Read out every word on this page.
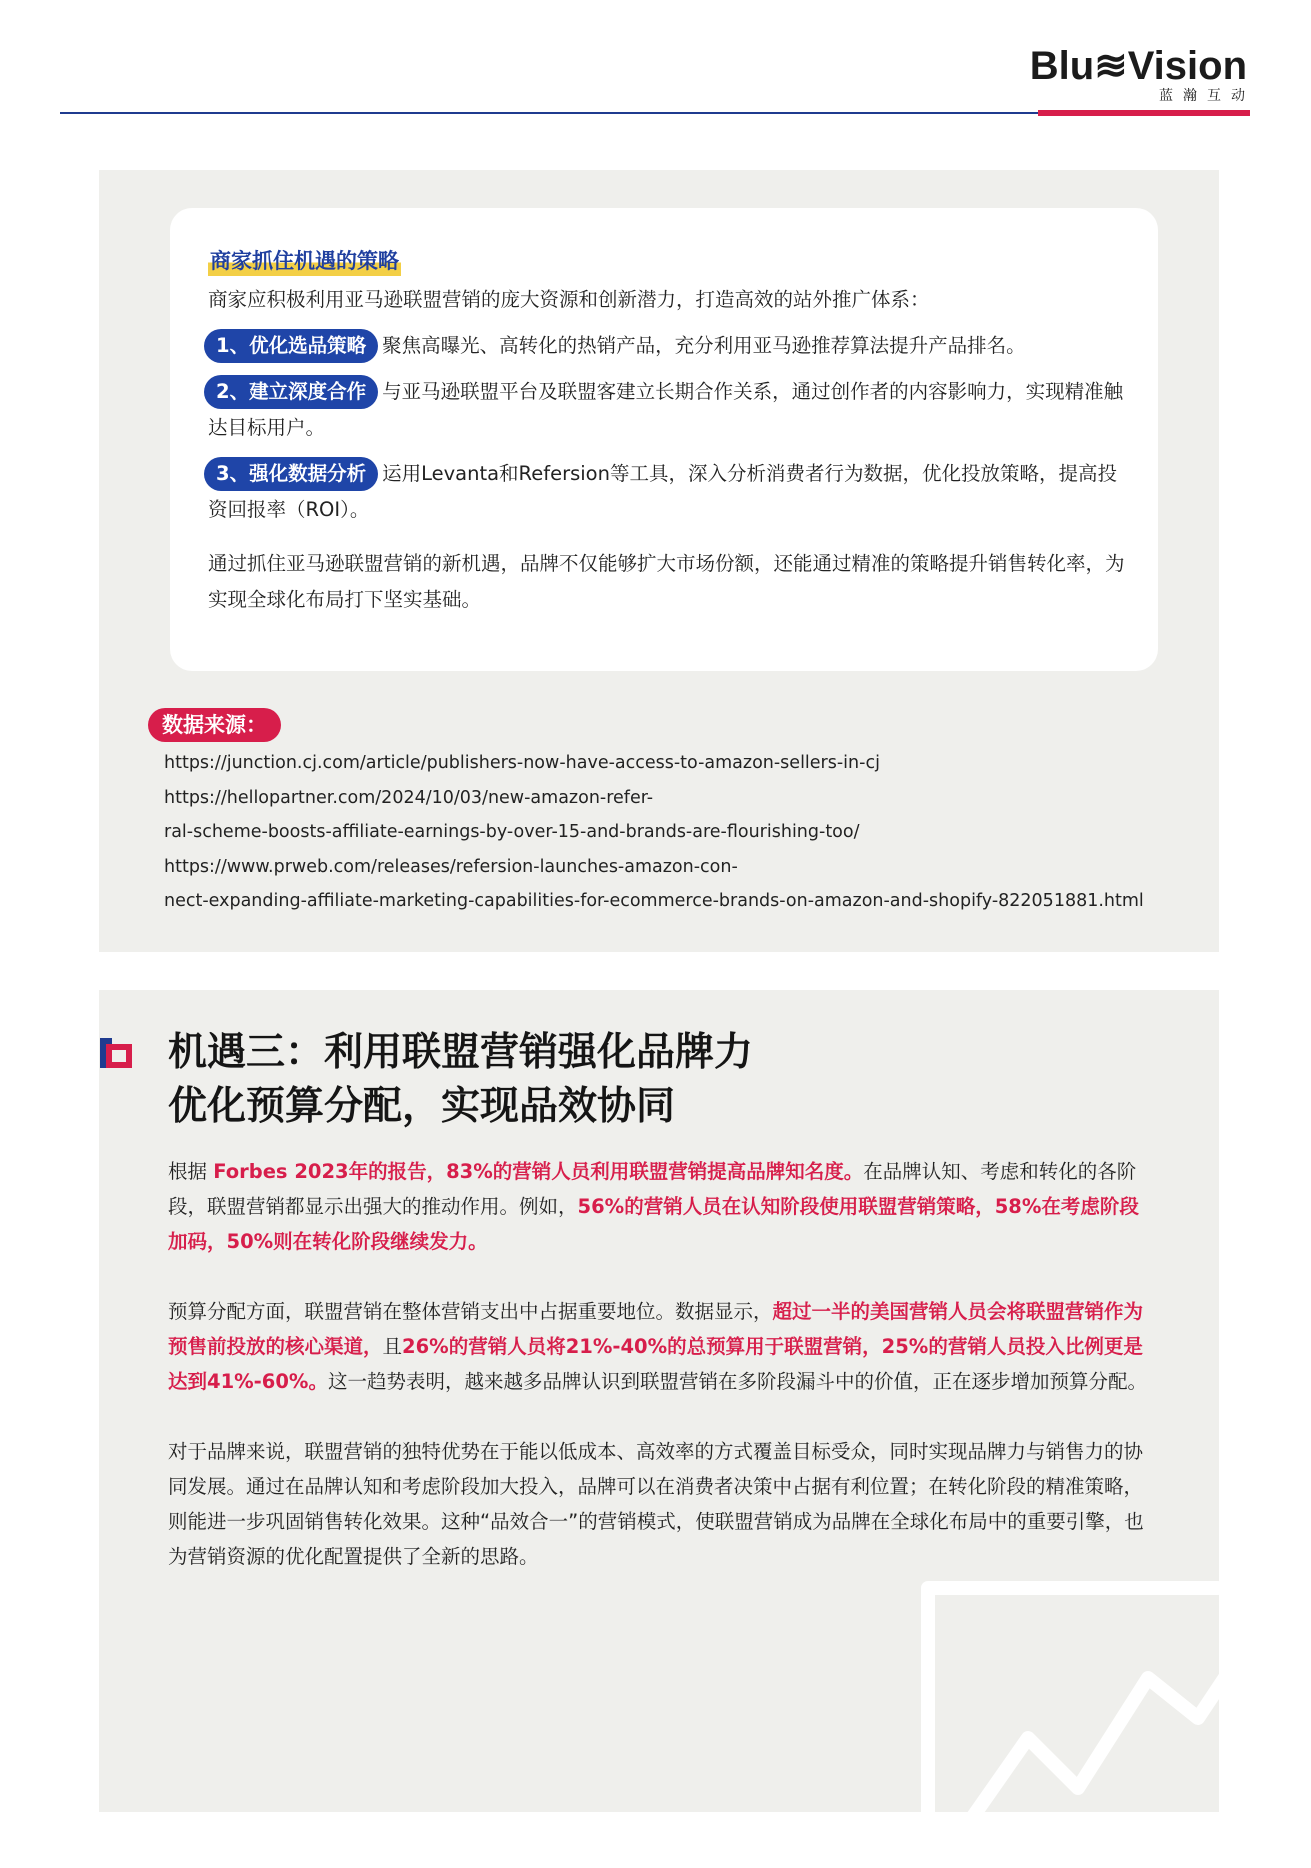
Blu≋Vision
蓝瀚互动
商家抓住机遇的策略
商家应积极利用亚马逊联盟营销的庞大资源和创新潜力，打造高效的站外推广体系：
1、优化选品策略 聚焦高曝光、高转化的热销产品，充分利用亚马逊推荐算法提升产品排名。
2、建立深度合作 与亚马逊联盟平台及联盟客建立长期合作关系，通过创作者的内容影响力，实现精准触达目标用户。
3、强化数据分析 运用Levanta和Refersion等工具，深入分析消费者行为数据，优化投放策略，提高投资回报率（ROI）。
通过抓住亚马逊联盟营销的新机遇，品牌不仅能够扩大市场份额，还能通过精准的策略提升销售转化率，为实现全球化布局打下坚实基础。
数据来源：
https://junction.cj.com/article/publishers-now-have-access-to-amazon-sellers-in-cj
https://hellopartner.com/2024/10/03/new-amazon-refer-
ral-scheme-boosts-affiliate-earnings-by-over-15-and-brands-are-flourishing-too/
https://www.prweb.com/releases/refersion-launches-amazon-con-
nect-expanding-affiliate-marketing-capabilities-for-ecommerce-brands-on-amazon-and-shopify-822051881.html
机遇三：利用联盟营销强化品牌力
优化预算分配，实现品效协同

根据 Forbes 2023年的报告，83%的营销人员利用联盟营销提高品牌知名度。在品牌认知、考虑和转化的各阶段，联盟营销都显示出强大的推动作用。例如，56%的营销人员在认知阶段使用联盟营销策略，58%在考虑阶段加码，50%则在转化阶段继续发力。

预算分配方面，联盟营销在整体营销支出中占据重要地位。数据显示，超过一半的美国营销人员会将联盟营销作为预售前投放的核心渠道，且26%的营销人员将21%-40%的总预算用于联盟营销，25%的营销人员投入比例更是达到41%-60%。这一趋势表明，越来越多品牌认识到联盟营销在多阶段漏斗中的价值，正在逐步增加预算分配。

对于品牌来说，联盟营销的独特优势在于能以低成本、高效率的方式覆盖目标受众，同时实现品牌力与销售力的协同发展。通过在品牌认知和考虑阶段加大投入，品牌可以在消费者决策中占据有利位置；在转化阶段的精准策略，则能进一步巩固销售转化效果。这种“品效合一”的营销模式，使联盟营销成为品牌在全球化布局中的重要引擎，也为营销资源的优化配置提供了全新的思路。
